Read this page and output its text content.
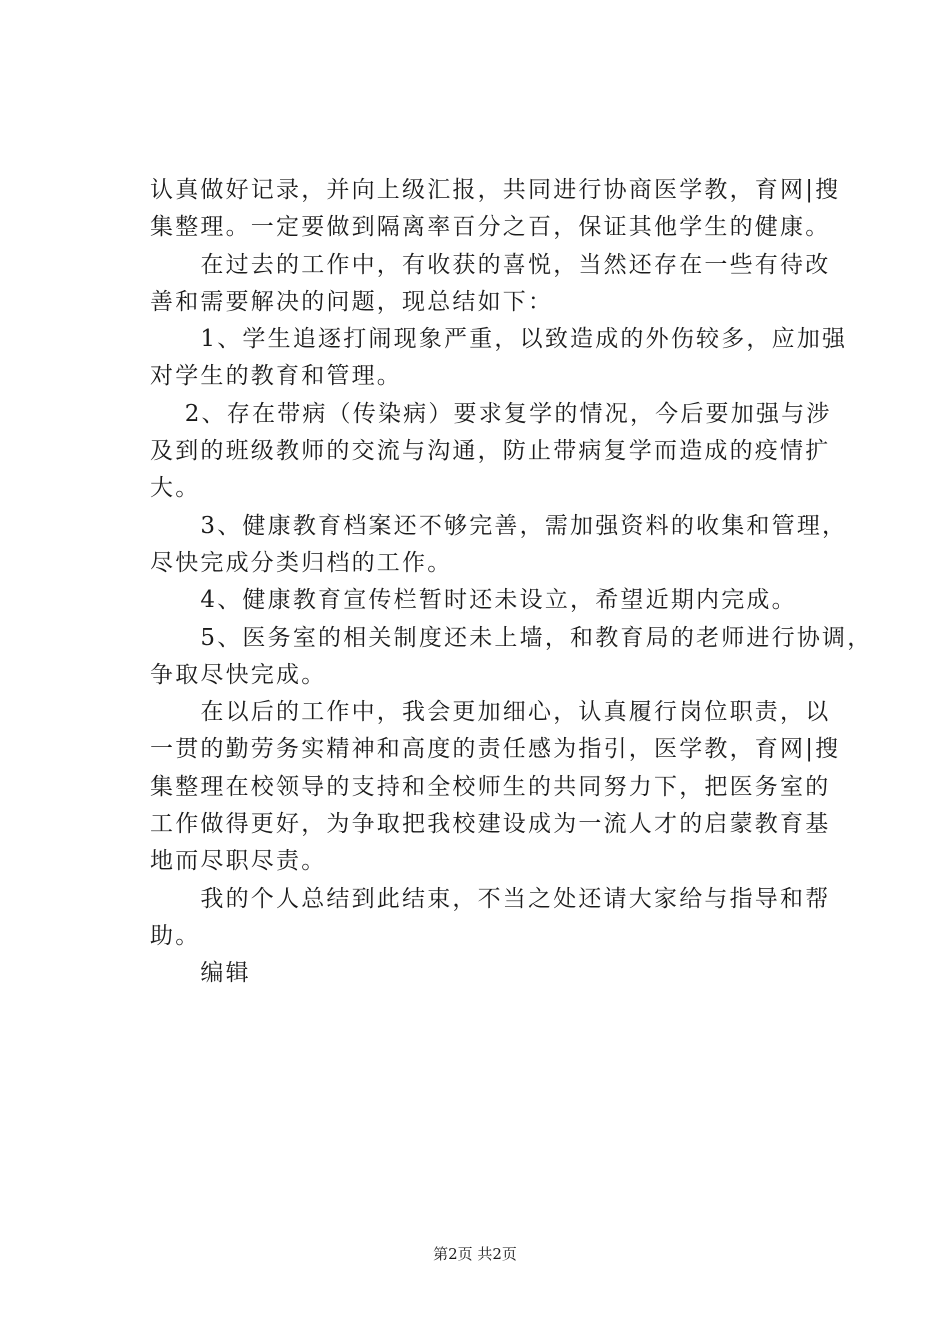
认真做好记录，并向上级汇报，共同进行协商医学教，育网|搜
集整理。一定要做到隔离率百分之百，保证其他学生的健康。
　　在过去的工作中，有收获的喜悦，当然还存在一些有待改
善和需要解决的问题，现总结如下：
　　1、学生追逐打闹现象严重，以致造成的外伤较多，应加强
对学生的教育和管理。
　 2、存在带病（传染病）要求复学的情况，今后要加强与涉
及到的班级教师的交流与沟通，防止带病复学而造成的疫情扩
大。
　　3、健康教育档案还不够完善，需加强资料的收集和管理，
尽快完成分类归档的工作。
　　4、健康教育宣传栏暂时还未设立，希望近期内完成。
　　5、医务室的相关制度还未上墙，和教育局的老师进行协调，
争取尽快完成。
　　在以后的工作中，我会更加细心，认真履行岗位职责，以
一贯的勤劳务实精神和高度的责任感为指引，医学教，育网|搜
集整理在校领导的支持和全校师生的共同努力下，把医务室的
工作做得更好，为争取把我校建设成为一流人才的启蒙教育基
地而尽职尽责。
　　我的个人总结到此结束，不当之处还请大家给与指导和帮
助。
　　编辑
第2页 共2页
